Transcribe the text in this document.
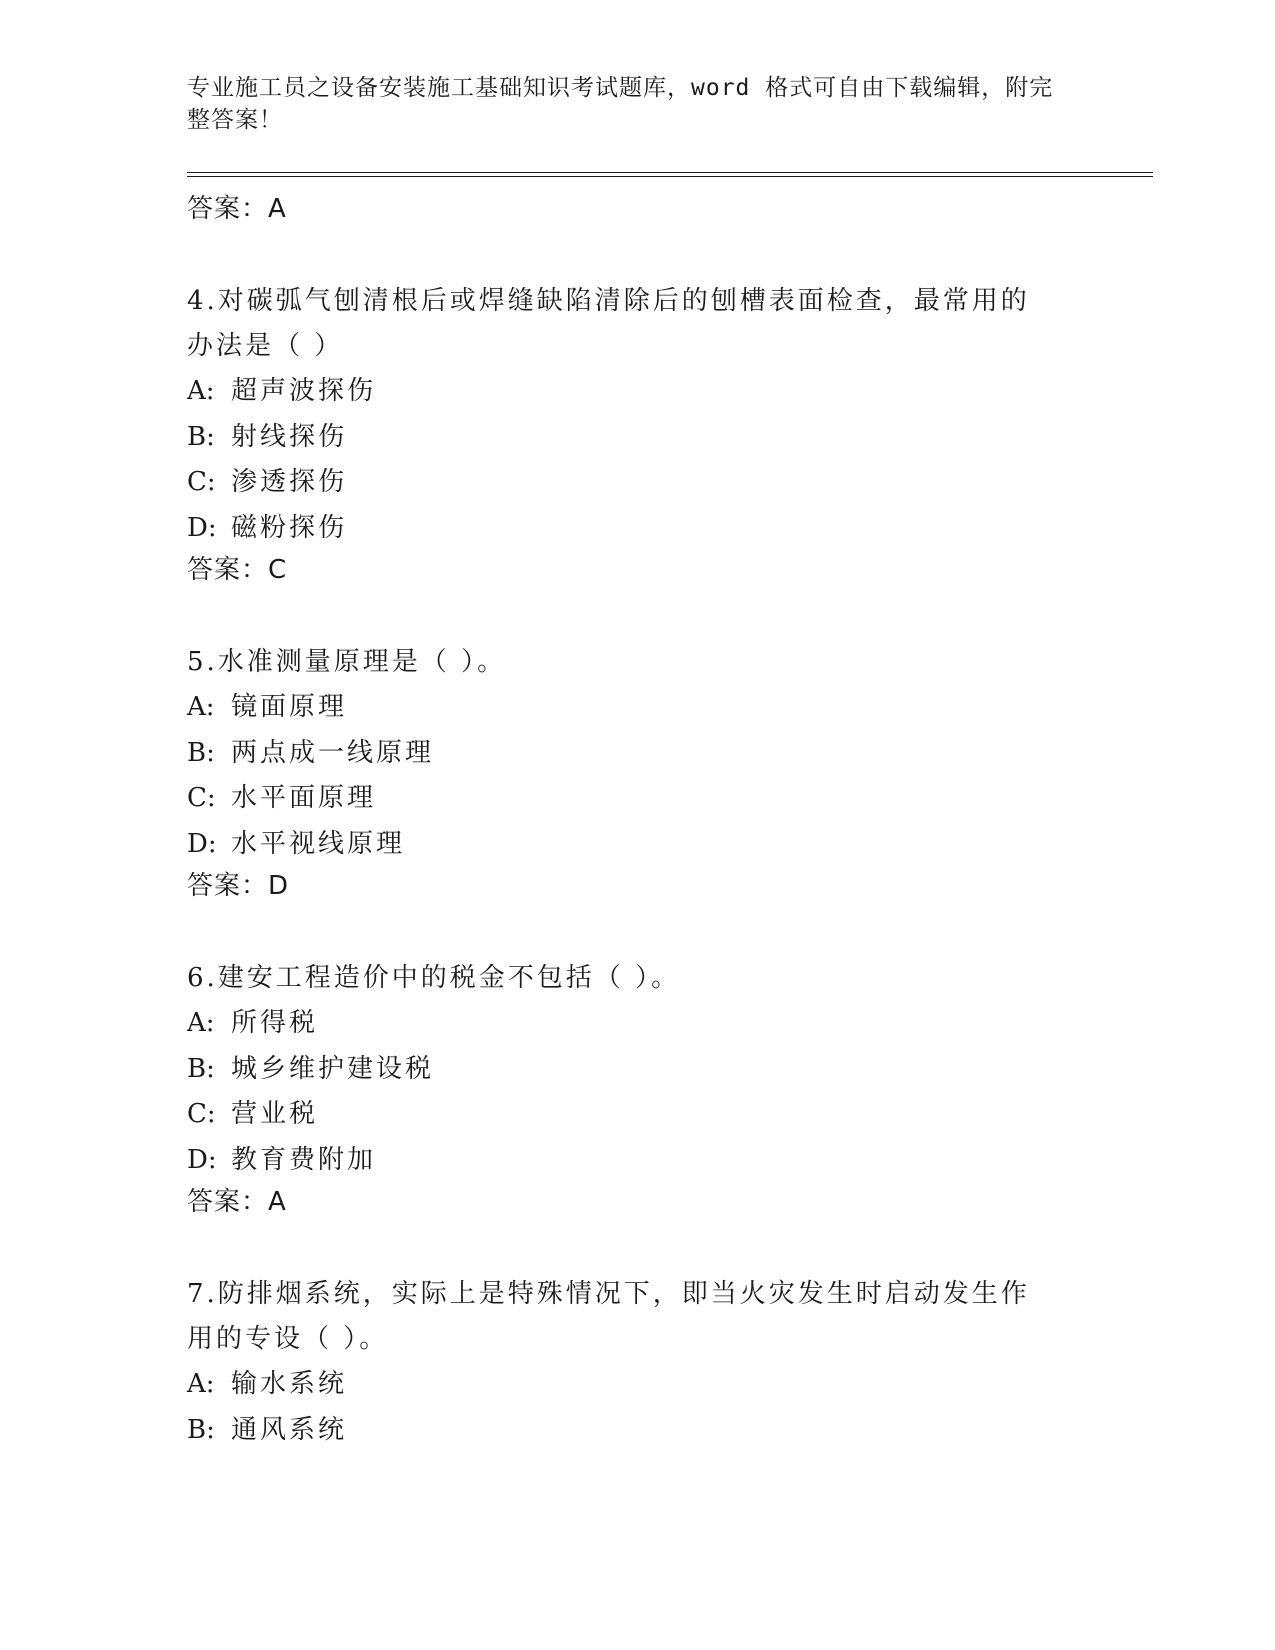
专业施工员之设备安装施工基础知识考试题库，word 格式可自由下载编辑，附完整答案！
答案：A
4.对碳弧气刨清根后或焊缝缺陷清除后的刨槽表面检查，最常用的办法是（ ）
A: 超声波探伤
B: 射线探伤
C: 渗透探伤
D: 磁粉探伤
答案：C
5.水准测量原理是（ ）。
A: 镜面原理
B: 两点成一线原理
C: 水平面原理
D: 水平视线原理
答案：D
6.建安工程造价中的税金不包括（ ）。
A: 所得税
B: 城乡维护建设税
C: 营业税
D: 教育费附加
答案：A
7.防排烟系统，实际上是特殊情况下，即当火灾发生时启动发生作用的专设（ ）。
A: 输水系统
B: 通风系统
